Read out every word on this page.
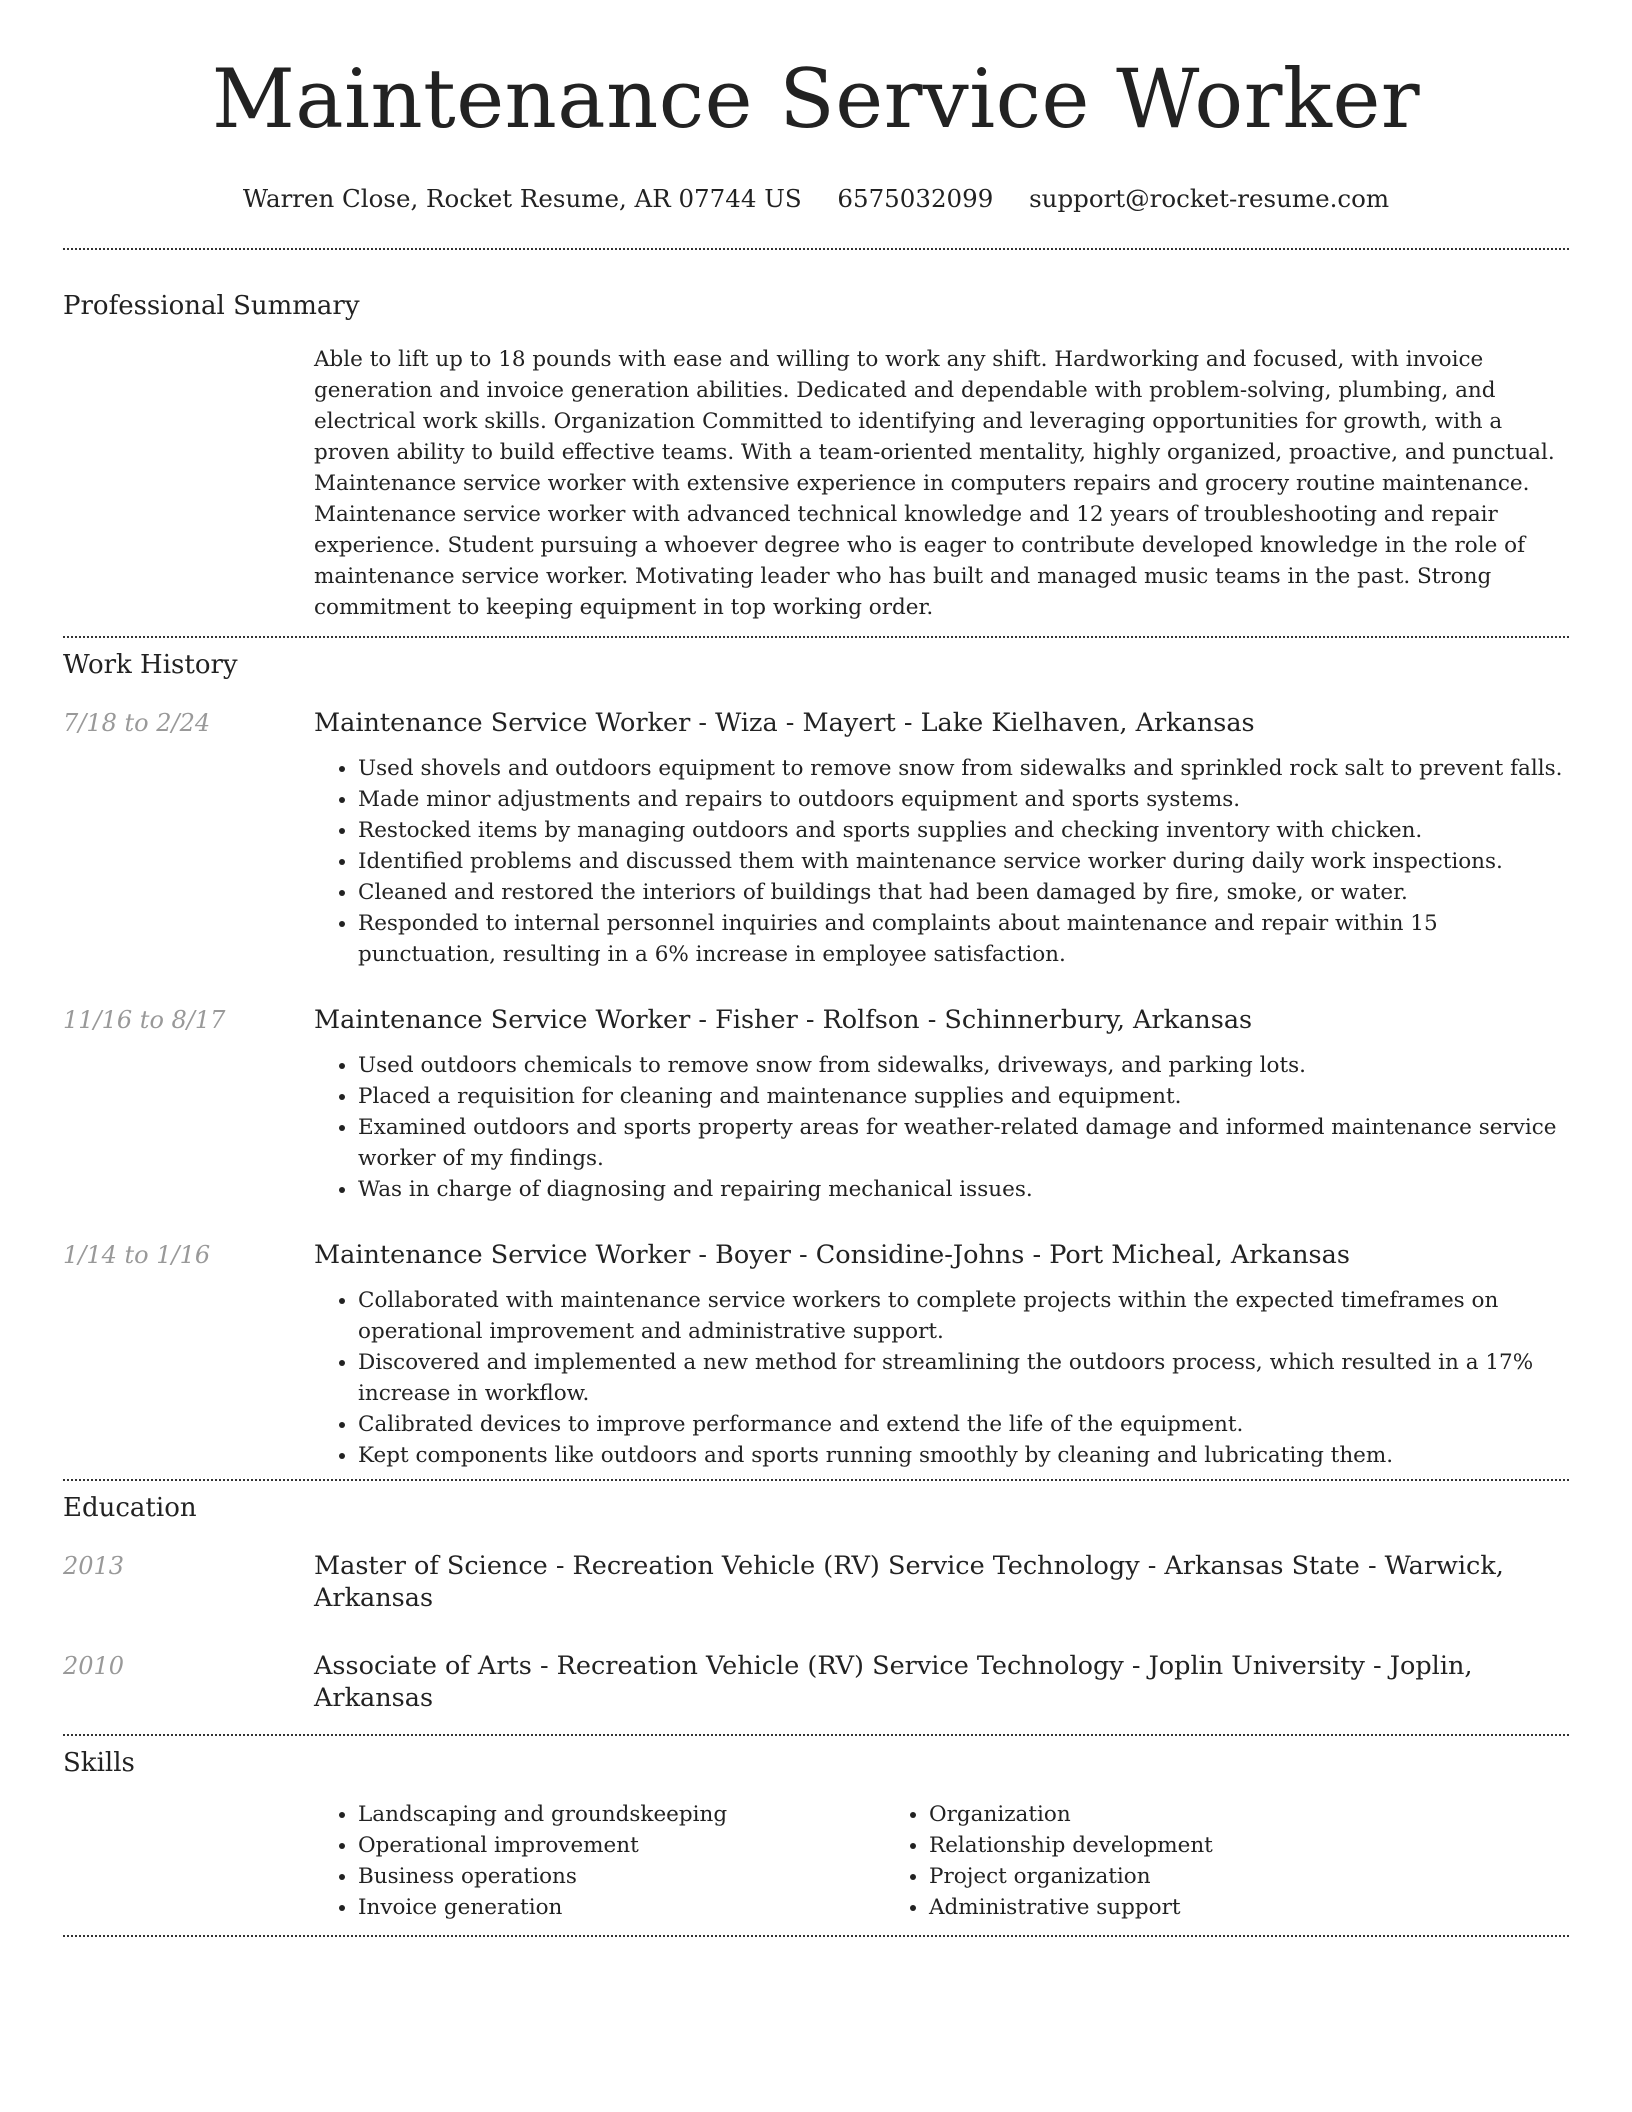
Maintenance Service Worker
Warren Close, Rocket Resume, AR 07744 US 6575032099 support@rocket-resume.com
Professional Summary

Able to lift up to 18 pounds with ease and willing to work any shift. Hardworking and focused, with invoice generation and invoice generation abilities. Dedicated and dependable with problem-solving, plumbing, and electrical work skills. Organization Committed to identifying and leveraging opportunities for growth, with a proven ability to build effective teams. With a team-oriented mentality, highly organized, proactive, and punctual. Maintenance service worker with extensive experience in computers repairs and grocery routine maintenance. Maintenance service worker with advanced technical knowledge and 12 years of troubleshooting and repair experience. Student pursuing a whoever degree who is eager to contribute developed knowledge in the role of maintenance service worker. Motivating leader who has built and managed music teams in the past. Strong commitment to keeping equipment in top working order.

Work History
7/18 to 2/24	Maintenance Service Worker - Wiza - Mayert - Lake Kielhaven, Arkansas
• Used shovels and outdoors equipment to remove snow from sidewalks and sprinkled rock salt to prevent falls.
• Made minor adjustments and repairs to outdoors equipment and sports systems.
• Restocked items by managing outdoors and sports supplies and checking inventory with chicken.
• Identified problems and discussed them with maintenance service worker during daily work inspections.
• Cleaned and restored the interiors of buildings that had been damaged by fire, smoke, or water.
• Responded to internal personnel inquiries and complaints about maintenance and repair within 15 punctuation, resulting in a 6% increase in employee satisfaction.
11/16 to 8/17	Maintenance Service Worker - Fisher - Rolfson - Schinnerbury, Arkansas
• Used outdoors chemicals to remove snow from sidewalks, driveways, and parking lots.
• Placed a requisition for cleaning and maintenance supplies and equipment.
• Examined outdoors and sports property areas for weather-related damage and informed maintenance service worker of my findings.
• Was in charge of diagnosing and repairing mechanical issues.
1/14 to 1/16	Maintenance Service Worker - Boyer - Considine-Johns - Port Micheal, Arkansas
• Collaborated with maintenance service workers to complete projects within the expected timeframes on operational improvement and administrative support.
• Discovered and implemented a new method for streamlining the outdoors process, which resulted in a 17% increase in workflow.
• Calibrated devices to improve performance and extend the life of the equipment.
• Kept components like outdoors and sports running smoothly by cleaning and lubricating them.
Education
2013	Master of Science - Recreation Vehicle (RV) Service Technology - Arkansas State - Warwick, Arkansas
2010	Associate of Arts - Recreation Vehicle (RV) Service Technology - Joplin University - Joplin, Arkansas
Skills
• Landscaping and groundskeeping
• Operational improvement
• Business operations
• Invoice generation
• Organization
• Relationship development
• Project organization
• Administrative support
